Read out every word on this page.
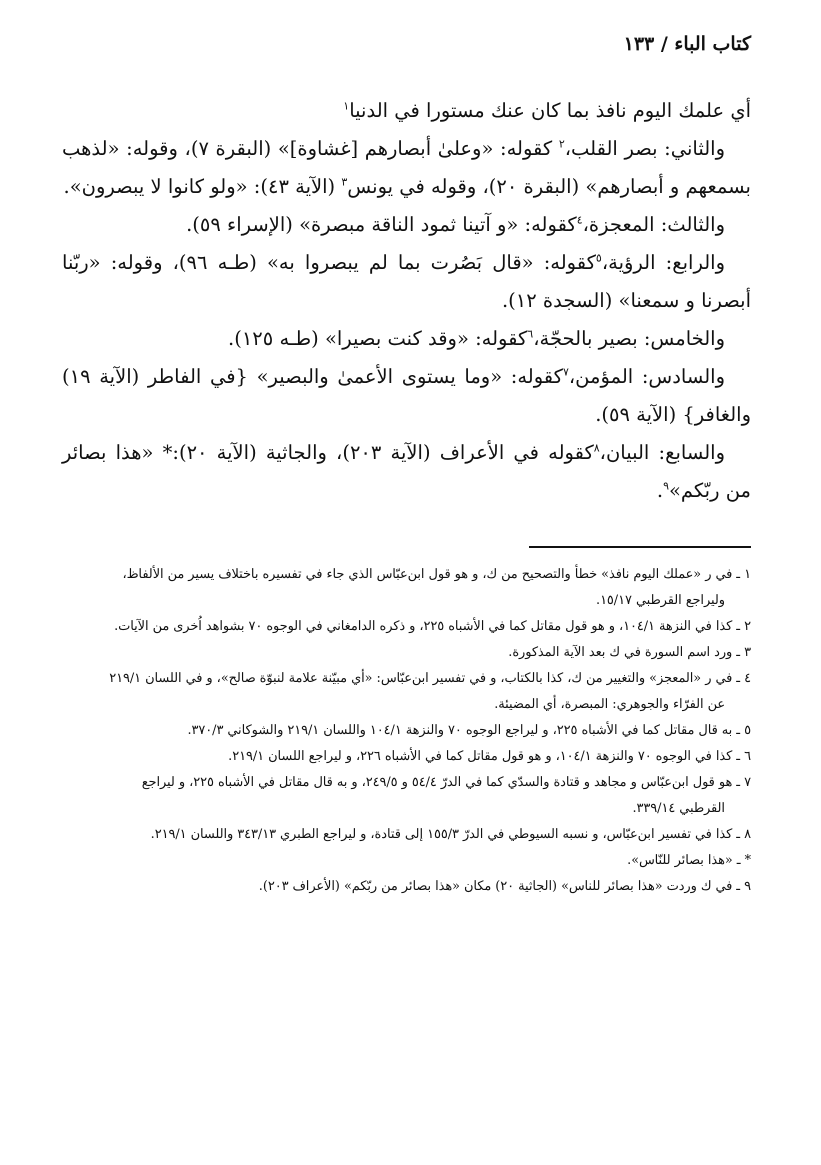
كتاب الباء / ١٣٣

أي علمك اليوم نافذ بما كان عنك مستورا في الدنيا$^١$

والثاني: بصر القلب،$^٢$ كقوله: «وعلىٰ أبصارهم [غشاوة]» (البقرة ٧)، وقوله: «لذهب بسمعهم و أبصارهم» (البقرة ٢٠)، وقوله في يونس$^٣$ (الآية ٤٣): «ولو كانوا لا يبصرون».

والثالث: المعجزة،$^٤$كقوله: «و آتينا ثمود الناقة مبصرة» (الإسراء ٥٩).

والرابع: الرؤية،$^٥$كقوله: «قال بَصُرت بما لم يبصروا به» (طـه ٩٦)، وقوله: «ربّنا أبصرنا و سمعنا» (السجدة ١٢).

والخامس: بصير بالحجّة،$^٦$كقوله: «وقد كنت بصيرا» (طـه ١٢٥).

والسادس: المؤمن،$^٧$كقوله: «وما يستوى الأعمىٰ والبصير» {في الفاطر (الآية ١٩) والغافر} (الآية ٥٩).

والسابع: البيان،$^٨$كقوله في الأعراف (الآية ٢٠٣)، والجاثية (الآية ٢٠):* «هذا بصائر من ربّكم»$^٩$.

١ ـ في ر «عملك اليوم نافذ» خطأ والتصحيح من ك، و هو قول ابن‌عبّاس الذي جاء في تفسيره باختلاف يسير من الألفاظ،
وليراجع القرطبي ١٥/١٧.

٢ ـ كذا في النزهة ١٠٤/١، و هو قول مقاتل كما في الأشباه ٢٢٥، و ذكره الدامغاني في الوجوه ٧٠ بشواهد اُخرى من الآيات.

٣ ـ ورد اسم السورة في ك بعد الآية المذكورة.

٤ ـ في ر «المعجز» والتغيير من ك، كذا بالكتاب، و في تفسير ابن‌عبّاس: «أي مبيّنة علامة لنبوّة صالح»، و في اللسان ٢١٩/١
عن الفرّاء والجوهري: المبصرة، أي المضيئة.

٥ ـ به قال مقاتل كما في الأشباه ٢٢٥، و ليراجع الوجوه ٧٠ والنزهة ١٠٤/١ واللسان ٢١٩/١ والشوكاني ٣٧٠/٣.

٦ ـ كذا في الوجوه ٧٠ والنزهة ١٠٤/١، و هو قول مقاتل كما في الأشباه ٢٢٦، و ليراجع اللسان ٢١٩/١.

٧ ـ هو قول ابن‌عبّاس و مجاهد و قتادة والسدّي كما في الدرّ ٥٤/٤ و ٢٤٩/٥، و به قال مقاتل في الأشباه ٢٢٥، و ليراجع
القرطبي ٣٣٩/١٤.

٨ ـ كذا في تفسير ابن‌عبّاس، و نسبه السيوطي في الدرّ ١٥٥/٣ إلى قتادة، و ليراجع الطبري ٣٤٣/١٣ واللسان ٢١٩/١.

* ـ «هذا بصائر للنّاس».

٩ ـ في ك وردت «هذا بصائر للناس» (الجاثية ٢٠) مكان «هذا بصائر من ربّكم» (الأعراف ٢٠٣).
